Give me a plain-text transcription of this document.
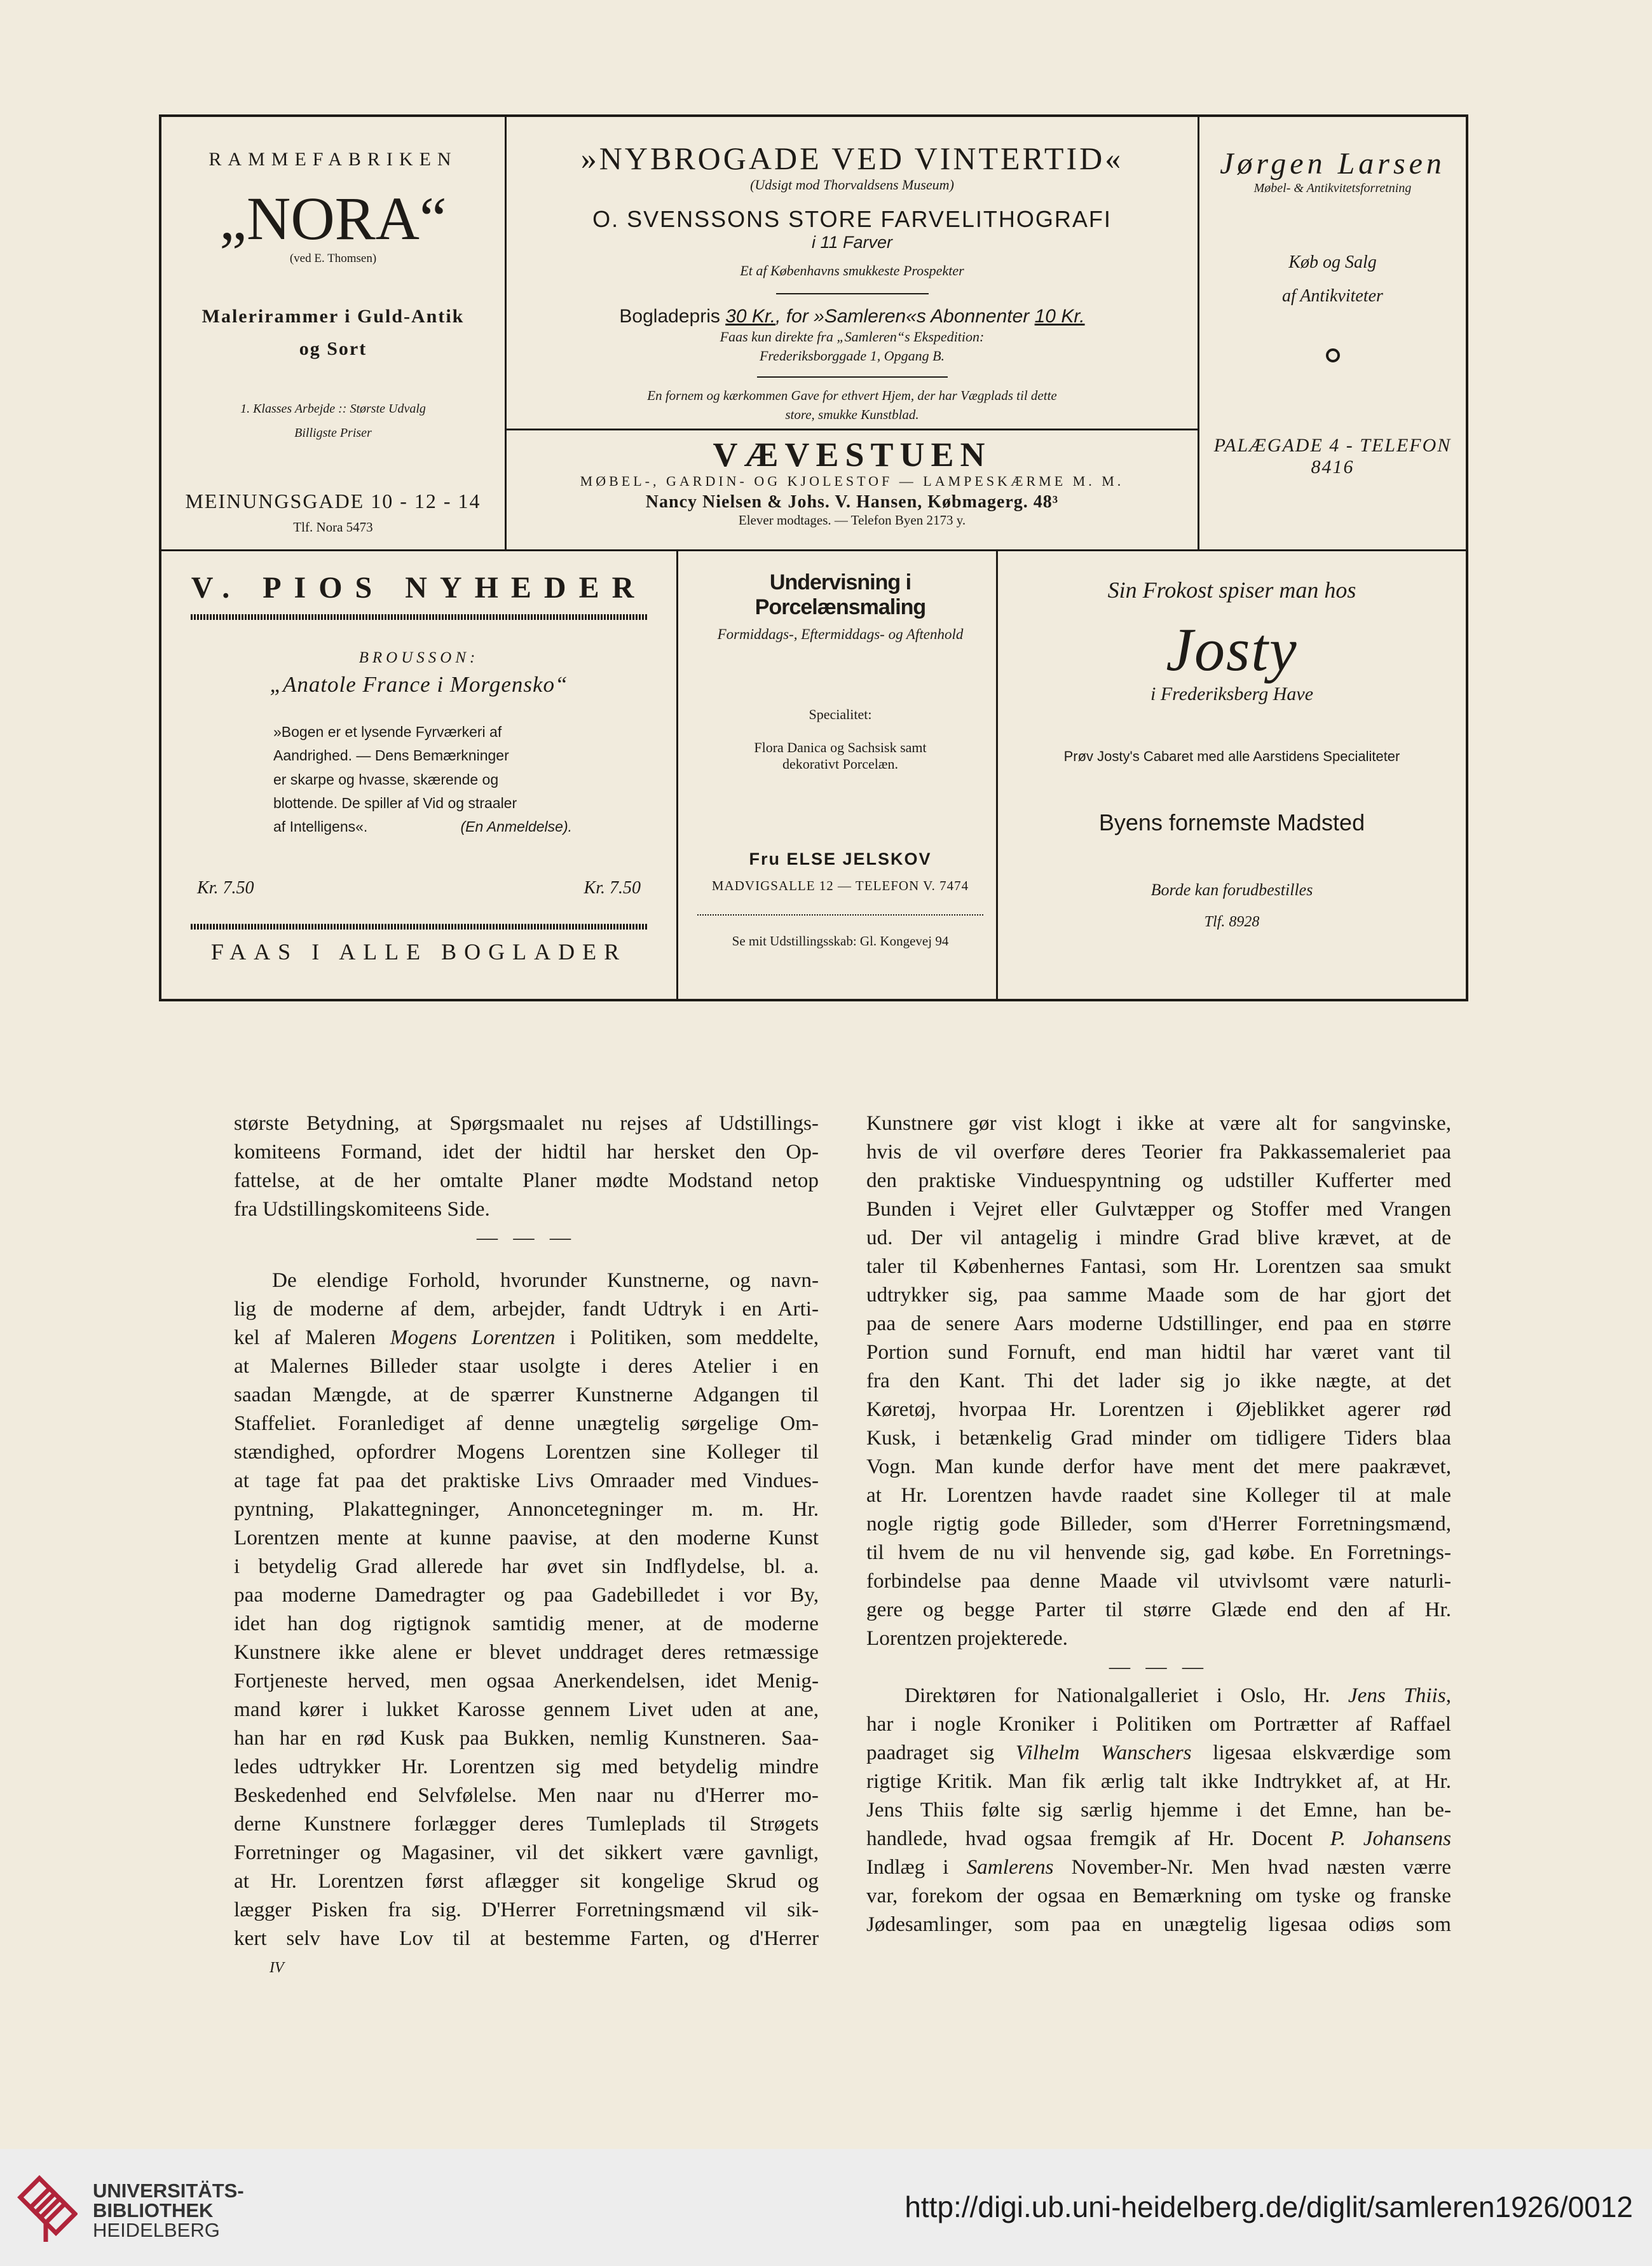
RAMMEFABRIKEN

„NORA“

(ved E. Thomsen)

Malerirammer i Guld-Antik

og Sort

1. Klasses Arbejde :: Største Udvalg

Billigste Priser

MEINUNGSGADE 10 - 12 - 14

Tlf. Nora 5473

»NYBROGADE VED VINTERTID«

(Udsigt mod Thorvaldsens Museum)

O. SVENSSONS STORE FARVELITHOGRAFI

i 11 Farver

Et af Københavns smukkeste Prospekter

Bogladepris 30 Kr., for »Samleren«s Abonnenter 10 Kr.

Faas kun direkte fra „Samleren“s Ekspedition:

Frederiksborggade 1, Opgang B.

En fornem og kærkommen Gave for ethvert Hjem, der har Vægplads til dette

store, smukke Kunstblad.

VÆVESTUEN

MØBEL-, GARDIN- OG KJOLESTOF — LAMPESKÆRME M. M.

Nancy Nielsen & Johs. V. Hansen, Købmagerg. 48³

Elever modtages. — Telefon Byen 2173 y.

Jørgen Larsen

Møbel- & Antikvitetsforretning

Køb og Salg

af Antikviteter

PALÆGADE 4 - TELEFON 8416

V. PIOS NYHEDER

BROUSSON:

„Anatole France i Morgensko“

»Bogen er et lysende Fyrværkeri af
Aandrighed. — Dens Bemærkninger
er skarpe og hvasse, skærende og
blottende. De spiller af Vid og straaler
af Intelligens«.	(En Anmeldelse).
Kr. 7.50	Kr. 7.50

FAAS I ALLE BOGLADER

Undervisning i Porcelænsmaling

Formiddags-, Eftermiddags- og Aftenhold

Specialitet:

Flora Danica og Sachsisk samt

dekorativt Porcelæn.

Fru ELSE JELSKOV

MADVIGSALLE 12 — TELEFON V. 7474

Se mit Udstillingsskab: Gl. Kongevej 94

Sin Frokost spiser man hos

Josty

i Frederiksberg Have

Prøv Josty's Cabaret med alle Aarstidens Specialiteter

Byens fornemste Madsted

Borde kan forudbestilles

Tlf. 8928

største Betydning, at Spørgsmaalet nu rejses af Udstillings-
komiteens Formand, idet der hidtil har hersket den Op-
fattelse, at de her omtalte Planer mødte Modstand netop
fra Udstillingskomiteens Side.

— — —

De elendige Forhold, hvorunder Kunstnerne, og navn-
lig de moderne af dem, arbejder, fandt Udtryk i en Arti-
kel af Maleren Mogens Lorentzen i Politiken, som meddelte,
at Malernes Billeder staar usolgte i deres Atelier i en
saadan Mængde, at de spærrer Kunstnerne Adgangen til
Staffeliet. Foranlediget af denne unægtelig sørgelige Om-
stændighed, opfordrer Mogens Lorentzen sine Kolleger til
at tage fat paa det praktiske Livs Omraader med Vindues-
pyntning, Plakattegninger, Annoncetegninger m. m. Hr.
Lorentzen mente at kunne paavise, at den moderne Kunst
i betydelig Grad allerede har øvet sin Indflydelse, bl. a.
paa moderne Damedragter og paa Gadebilledet i vor By,
idet han dog rigtignok samtidig mener, at de moderne
Kunstnere ikke alene er blevet unddraget deres retmæssige
Fortjeneste herved, men ogsaa Anerkendelsen, idet Menig-
mand kører i lukket Karosse gennem Livet uden at ane,
han har en rød Kusk paa Bukken, nemlig Kunstneren. Saa-
ledes udtrykker Hr. Lorentzen sig med betydelig mindre
Beskedenhed end Selvfølelse. Men naar nu d'Herrer mo-
derne Kunstnere forlægger deres Tumleplads til Strøgets
Forretninger og Magasiner, vil det sikkert være gavnligt,
at Hr. Lorentzen først aflægger sit kongelige Skrud og
lægger Pisken fra sig. D'Herrer Forretningsmænd vil sik-
kert selv have Lov til at bestemme Farten, og d'Herrer

Kunstnere gør vist klogt i ikke at være alt for sangvinske,
hvis de vil overføre deres Teorier fra Pakkassemaleriet paa
den praktiske Vinduespyntning og udstiller Kufferter med
Bunden i Vejret eller Gulvtæpper og Stoffer med Vrangen
ud. Der vil antagelig i mindre Grad blive krævet, at de
taler til Københernes Fantasi, som Hr. Lorentzen saa smukt
udtrykker sig, paa samme Maade som de har gjort det
paa de senere Aars moderne Udstillinger, end paa en større
Portion sund Fornuft, end man hidtil har været vant til
fra den Kant. Thi det lader sig jo ikke nægte, at det
Køretøj, hvorpaa Hr. Lorentzen i Øjeblikket agerer rød
Kusk, i betænkelig Grad minder om tidligere Tiders blaa
Vogn. Man kunde derfor have ment det mere paakrævet,
at Hr. Lorentzen havde raadet sine Kolleger til at male
nogle rigtig gode Billeder, som d'Herrer Forretningsmænd,
til hvem de nu vil henvende sig, gad købe. En Forretnings-
forbindelse paa denne Maade vil utvivlsomt være naturli-
gere og begge Parter til større Glæde end den af Hr.
Lorentzen projekterede.

— — —

Direktøren for Nationalgalleriet i Oslo, Hr. Jens Thiis,
har i nogle Kroniker i Politiken om Portrætter af Raffael
paadraget sig Vilhelm Wanschers ligesaa elskværdige som
rigtige Kritik. Man fik ærlig talt ikke Indtrykket af, at Hr.
Jens Thiis følte sig særlig hjemme i det Emne, han be-
handlede, hvad ogsaa fremgik af Hr. Docent P. Johansens
Indlæg i Samlerens November-Nr. Men hvad næsten værre
var, forekom der ogsaa en Bemærkning om tyske og franske
Jødesamlinger, som paa en unægtelig ligesaa odiøs som

IV
UNIVERSITÄTS-
BIBLIOTHEK
HEIDELBERG
http://digi.ub.uni-heidelberg.de/diglit/samleren1926/0012
